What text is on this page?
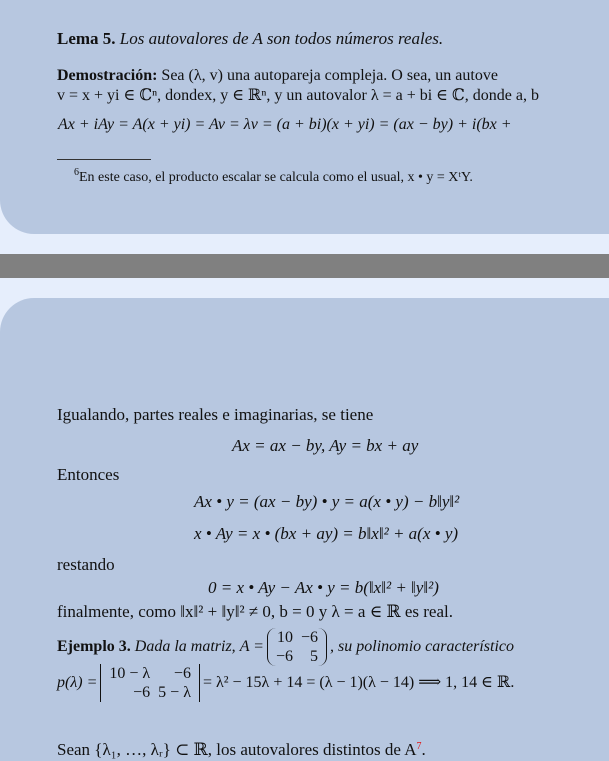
Lema 5. Los autovalores de A son todos números reales.
Demostración: Sea (λ, v) una autopareja compleja. O sea, un autove
v = x + yi ∈ ℂⁿ, dondex, y ∈ ℝⁿ, y un autovalor λ = a + bi ∈ ℂ, donde a, b
Ax + iAy = A(x + yi) = Av = λv = (a + bi)(x + yi) = (ax − by) + i(bx +
$^6$En este caso, el producto escalar se calcula como el usual, x • y = XᵗY.
Igualando, partes reales e imaginarias, se tiene
Ax = ax − by, Ay = bx + ay
Entonces
Ax • y = (ax − by) • y = a(x • y) − b‖y‖²
x • Ay = x • (bx + ay) = b‖x‖² + a(x • y)
restando
0 = x • Ay − Ax • y = b(‖x‖² + ‖y‖²)
finalmente, como ‖x‖² + ‖y‖² ≠ 0, b = 0 y λ = a ∈ ℝ es real.
Ejemplo 3. Dada la matriz, A =
10	−6
−6	5
, su polinomio característico
p(λ) =
10 − λ	−6
−6	5 − λ
= λ² − 15λ + 14 = (λ − 1)(λ − 14) ⟹ 1, 14 ∈ ℝ.
Sean {λ₁, …, λᵣ} ⊂ ℝ, los autovalores distintos de $A^7$.
